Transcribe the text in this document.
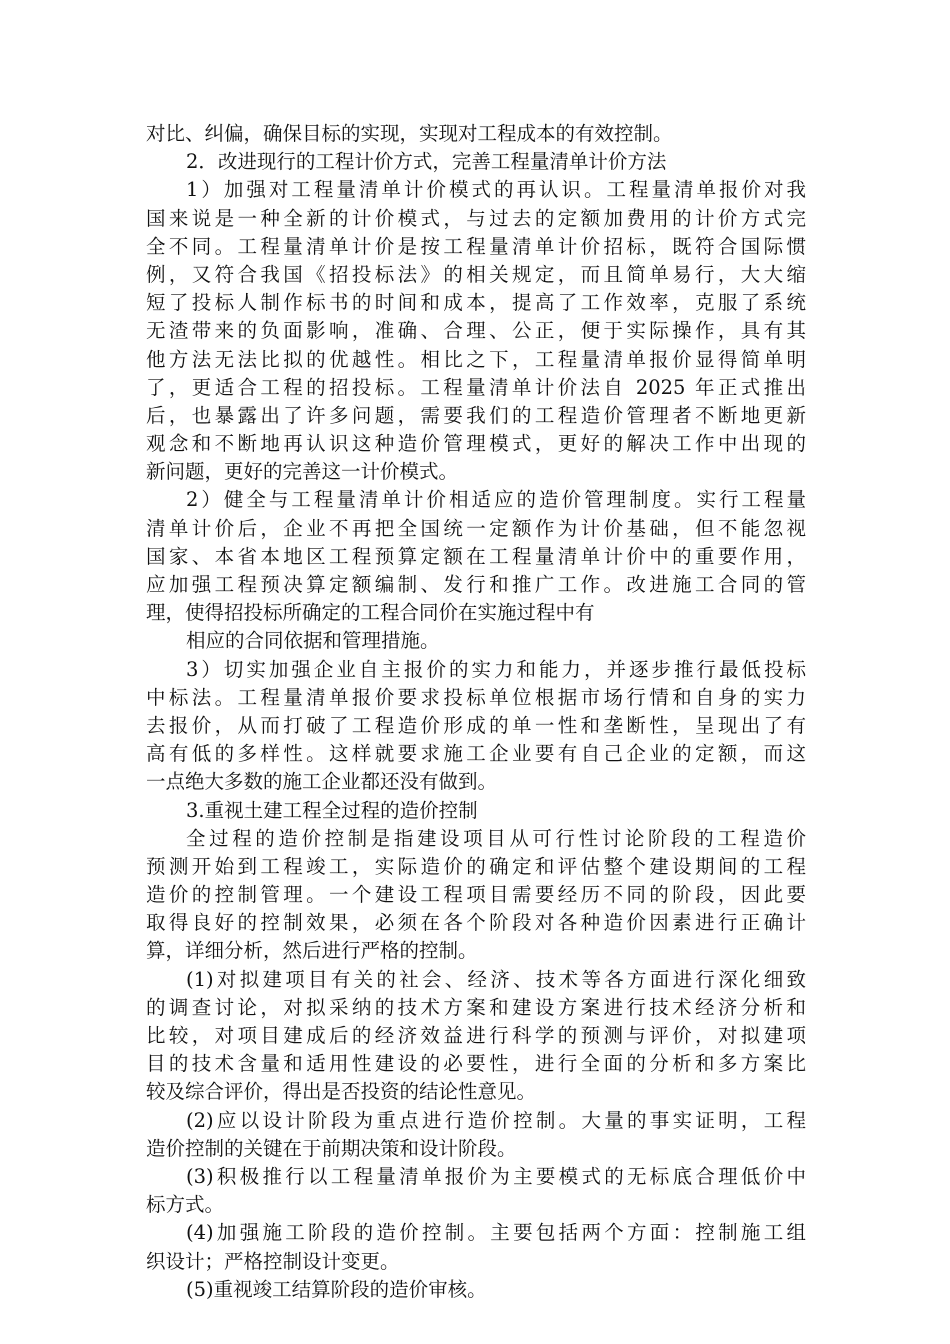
对比、纠偏，确保目标的实现，实现对工程成本的有效控制。
2．改进现行的工程计价方式，完善工程量清单计价方法
1）加强对工程量清单计价模式的再认识。工程量清单报价对我
国来说是一种全新的计价模式，与过去的定额加费用的计价方式完
全不同。工程量清单计价是按工程量清单计价招标，既符合国际惯
例，又符合我国《招投标法》的相关规定，而且简单易行，大大缩
短了投标人制作标书的时间和成本，提高了工作效率，克服了系统
无渣带来的负面影响，准确、合理、公正，便于实际操作，具有其
他方法无法比拟的优越性。相比之下，工程量清单报价显得简单明
了，更适合工程的招投标。工程量清单计价法自 2025 年正式推出
后，也暴露出了许多问题，需要我们的工程造价管理者不断地更新
观念和不断地再认识这种造价管理模式，更好的解决工作中出现的
新问题，更好的完善这一计价模式。
2）健全与工程量清单计价相适应的造价管理制度。实行工程量
清单计价后，企业不再把全国统一定额作为计价基础，但不能忽视
国家、本省本地区工程预算定额在工程量清单计价中的重要作用，
应加强工程预决算定额编制、发行和推广工作。改进施工合同的管
理，使得招投标所确定的工程合同价在实施过程中有
相应的合同依据和管理措施。
3）切实加强企业自主报价的实力和能力，并逐步推行最低投标
中标法。工程量清单报价要求投标单位根据市场行情和自身的实力
去报价，从而打破了工程造价形成的单一性和垄断性，呈现出了有
高有低的多样性。这样就要求施工企业要有自己企业的定额，而这
一点绝大多数的施工企业都还没有做到。
3.重视土建工程全过程的造价控制
全过程的造价控制是指建设项目从可行性讨论阶段的工程造价
预测开始到工程竣工，实际造价的确定和评估整个建设期间的工程
造价的控制管理。一个建设工程项目需要经历不同的阶段，因此要
取得良好的控制效果，必须在各个阶段对各种造价因素进行正确计
算，详细分析，然后进行严格的控制。
(1)对拟建项目有关的社会、经济、技术等各方面进行深化细致
的调查讨论，对拟采纳的技术方案和建设方案进行技术经济分析和
比较，对项目建成后的经济效益进行科学的预测与评价，对拟建项
目的技术含量和适用性建设的必要性，进行全面的分析和多方案比
较及综合评价，得出是否投资的结论性意见。
(2)应以设计阶段为重点进行造价控制。大量的事实证明，工程
造价控制的关键在于前期决策和设计阶段。
(3)积极推行以工程量清单报价为主要模式的无标底合理低价中
标方式。
(4)加强施工阶段的造价控制。主要包括两个方面：控制施工组
织设计；严格控制设计变更。
(5)重视竣工结算阶段的造价审核。
